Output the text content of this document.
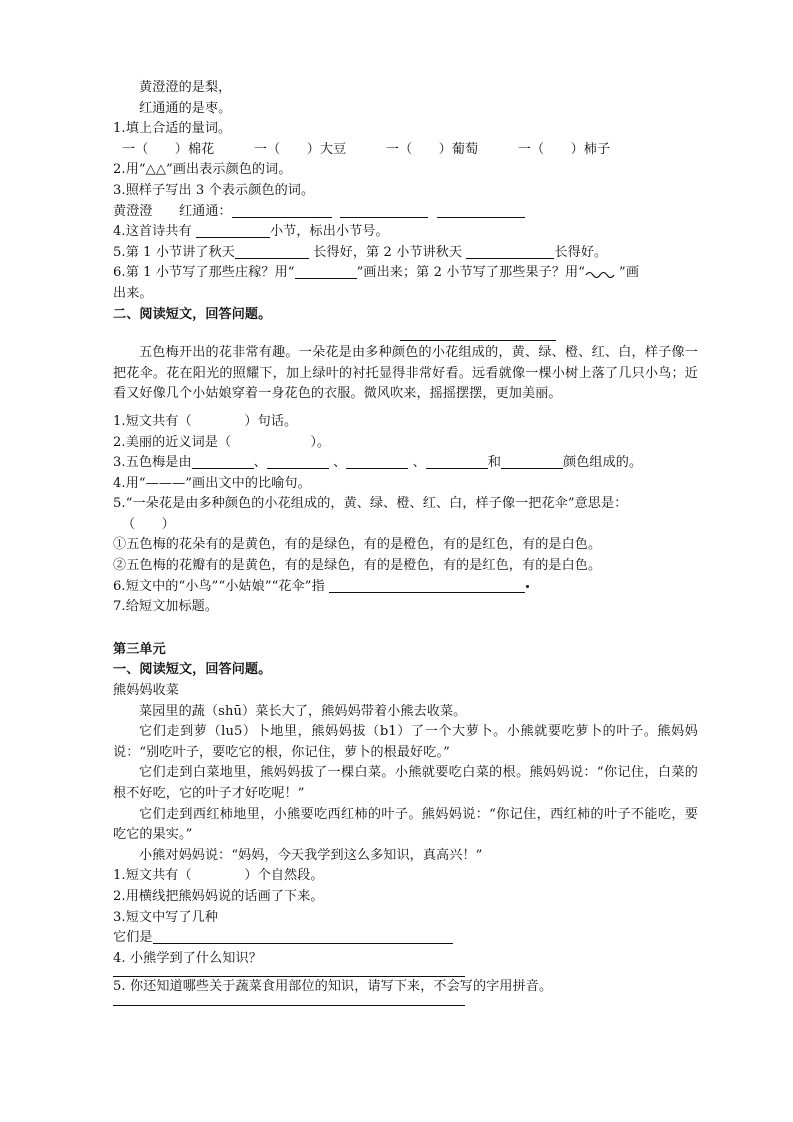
黄澄澄的是梨，
红通通的是枣。
1.填上合适的量词。
一（　　）棉花　　　一（　　）大豆　　　一（　　）葡萄　　　一（　　）柿子
2.用“△△”画出表示颜色的词。
3.照样子写出 3 个表示颜色的词。
黄澄澄　　红通通：
4.这首诗共有	小节，标出小节号。
5.第 1 小节讲了秋天	长得好，第 2 小节讲秋天	长得好。
6.第 1 小节写了那些庄稼？用“	”画出来；第 2 小节写了那些果子？用“	”画
出来。
二、阅读短文，回答问题。
五色梅开出的花非常有趣。一朵花是由多种颜色的小花组成的，黄、绿、橙、红、白，样子像一把花伞。花在阳光的照耀下，加上绿叶的衬托显得非常好看。远看就像一棵小树上落了几只小鸟；近看又好像几个小姑娘穿着一身花色的衣服。微风吹来，摇摇摆摆，更加美丽。
1.短文共有（　　　　）句话。
2.美丽的近义词是（　　　　　　）。
3.五色梅是由	、	、	、	和	颜色组成的。
4.用“———”画出文中的比喻句。
5.“一朵花是由多种颜色的小花组成的，黄、绿、橙、红、白，样子像一把花伞”意思是：
（　　）
①五色梅的花朵有的是黄色，有的是绿色，有的是橙色，有的是红色，有的是白色。
②五色梅的花瓣有的是黄色，有的是绿色，有的是橙色，有的是红色，有的是白色。
6.短文中的“小鸟”“小姑娘”“花伞”指
7.给短文加标题。
第三单元
一、阅读短文，回答问题。
熊妈妈收菜
菜园里的蔬（shū）菜长大了，熊妈妈带着小熊去收菜。
它们走到萝（lu5）卜地里，熊妈妈拔（b1）了一个大萝卜。小熊就要吃萝卜的叶子。熊妈妈说：“别吃叶子，要吃它的根，你记住，萝卜的根最好吃。”
它们走到白菜地里，熊妈妈拔了一棵白菜。小熊就要吃白菜的根。熊妈妈说：“你记住，白菜的根不好吃，它的叶子才好吃呢！”
它们走到西红柿地里，小熊要吃西红柿的叶子。熊妈妈说：“你记住，西红柿的叶子不能吃，要吃它的果实。”
小熊对妈妈说：“妈妈，今天我学到这么多知识，真高兴！”
1.短文共有（　　　　）个自然段。
2.用横线把熊妈妈说的话画了下来。
3.短文中写了几种
它们是
4. 小熊学到了什么知识？
5. 你还知道哪些关于蔬菜食用部位的知识，请写下来，不会写的字用拼音。
